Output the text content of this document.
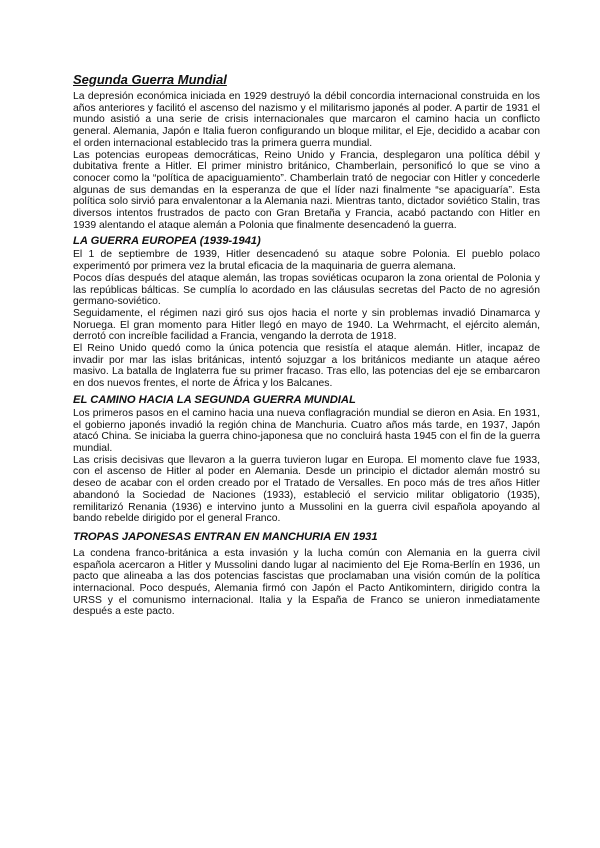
Segunda Guerra Mundial

La depresión económica iniciada en 1929 destruyó la débil concordia internacional construida en los años anteriores y facilitó el ascenso del nazismo y el militarismo japonés al poder. A partir de 1931 el mundo asistió a una serie de crisis internacionales que marcaron el camino hacia un conflicto general. Alemania, Japón e Italia fueron configurando un bloque militar, el Eje, decidido a acabar con el orden internacional establecido tras la primera guerra mundial.

Las potencias europeas democráticas, Reino Unido y Francia, desplegaron una política débil y dubitativa frente a Hitler. El primer ministro británico, Chamberlain, personificó lo que se vino a conocer como la “política de apaciguamiento”. Chamberlain trató de negociar con Hitler y concederle algunas de sus demandas en la esperanza de que el líder nazi finalmente “se apaciguaría”. Esta política solo sirvió para envalentonar a la Alemania nazi. Mientras tanto, dictador soviético Stalin, tras diversos intentos frustrados de pacto con Gran Bretaña y Francia, acabó pactando con Hitler en 1939 alentando el ataque alemán a Polonia que finalmente desencadenó la guerra.

LA GUERRA EUROPEA (1939-1941)

El 1 de septiembre de 1939, Hitler desencadenó su ataque sobre Polonia. El pueblo polaco experimentó por primera vez la brutal eficacia de la maquinaria de guerra alemana.

Pocos días después del ataque alemán, las tropas soviéticas ocuparon la zona oriental de Polonia y las repúblicas bálticas. Se cumplía lo acordado en las cláusulas secretas del Pacto de no agresión germano-soviético.

Seguidamente, el régimen nazi giró sus ojos hacia el norte y sin problemas invadió Dinamarca y Noruega. El gran momento para Hitler llegó en mayo de 1940. La Wehrmacht, el ejército alemán, derrotó con increíble facilidad a Francia, vengando la derrota de 1918.

El Reino Unido quedó como la única potencia que resistía el ataque alemán. Hitler, incapaz de invadir por mar las islas británicas, intentó sojuzgar a los británicos mediante un ataque aéreo masivo. La batalla de Inglaterra fue su primer fracaso. Tras ello, las potencias del eje se embarcaron en dos nuevos frentes, el norte de África y los Balcanes.

EL CAMINO HACIA LA SEGUNDA GUERRA MUNDIAL

Los primeros pasos en el camino hacia una nueva conflagración mundial se dieron en Asia. En 1931, el gobierno japonés invadió la región china de Manchuria. Cuatro años más tarde, en 1937, Japón atacó China. Se iniciaba la guerra chino-japonesa que no concluirá hasta 1945 con el fin de la guerra mundial.

Las crisis decisivas que llevaron a la guerra tuvieron lugar en Europa. El momento clave fue 1933, con el ascenso de Hitler al poder en Alemania. Desde un principio el dictador alemán mostró su deseo de acabar con el orden creado por el Tratado de Versalles. En poco más de tres años Hitler abandonó la Sociedad de Naciones (1933), estableció el servicio militar obligatorio (1935), remilitarizó Renania (1936) e intervino junto a Mussolini en la guerra civil española apoyando al bando rebelde dirigido por el general Franco.

TROPAS JAPONESAS ENTRAN EN MANCHURIA EN 1931

La condena franco-británica a esta invasión y la lucha común con Alemania en la guerra civil española acercaron a Hitler y Mussolini dando lugar al nacimiento del Eje Roma-Berlín en 1936, un pacto que alineaba a las dos potencias fascistas que proclamaban una visión común de la política internacional. Poco después, Alemania firmó con Japón el Pacto Antikomintern, dirigido contra la URSS y el comunismo internacional. Italia y la España de Franco se unieron inmediatamente después a este pacto.
